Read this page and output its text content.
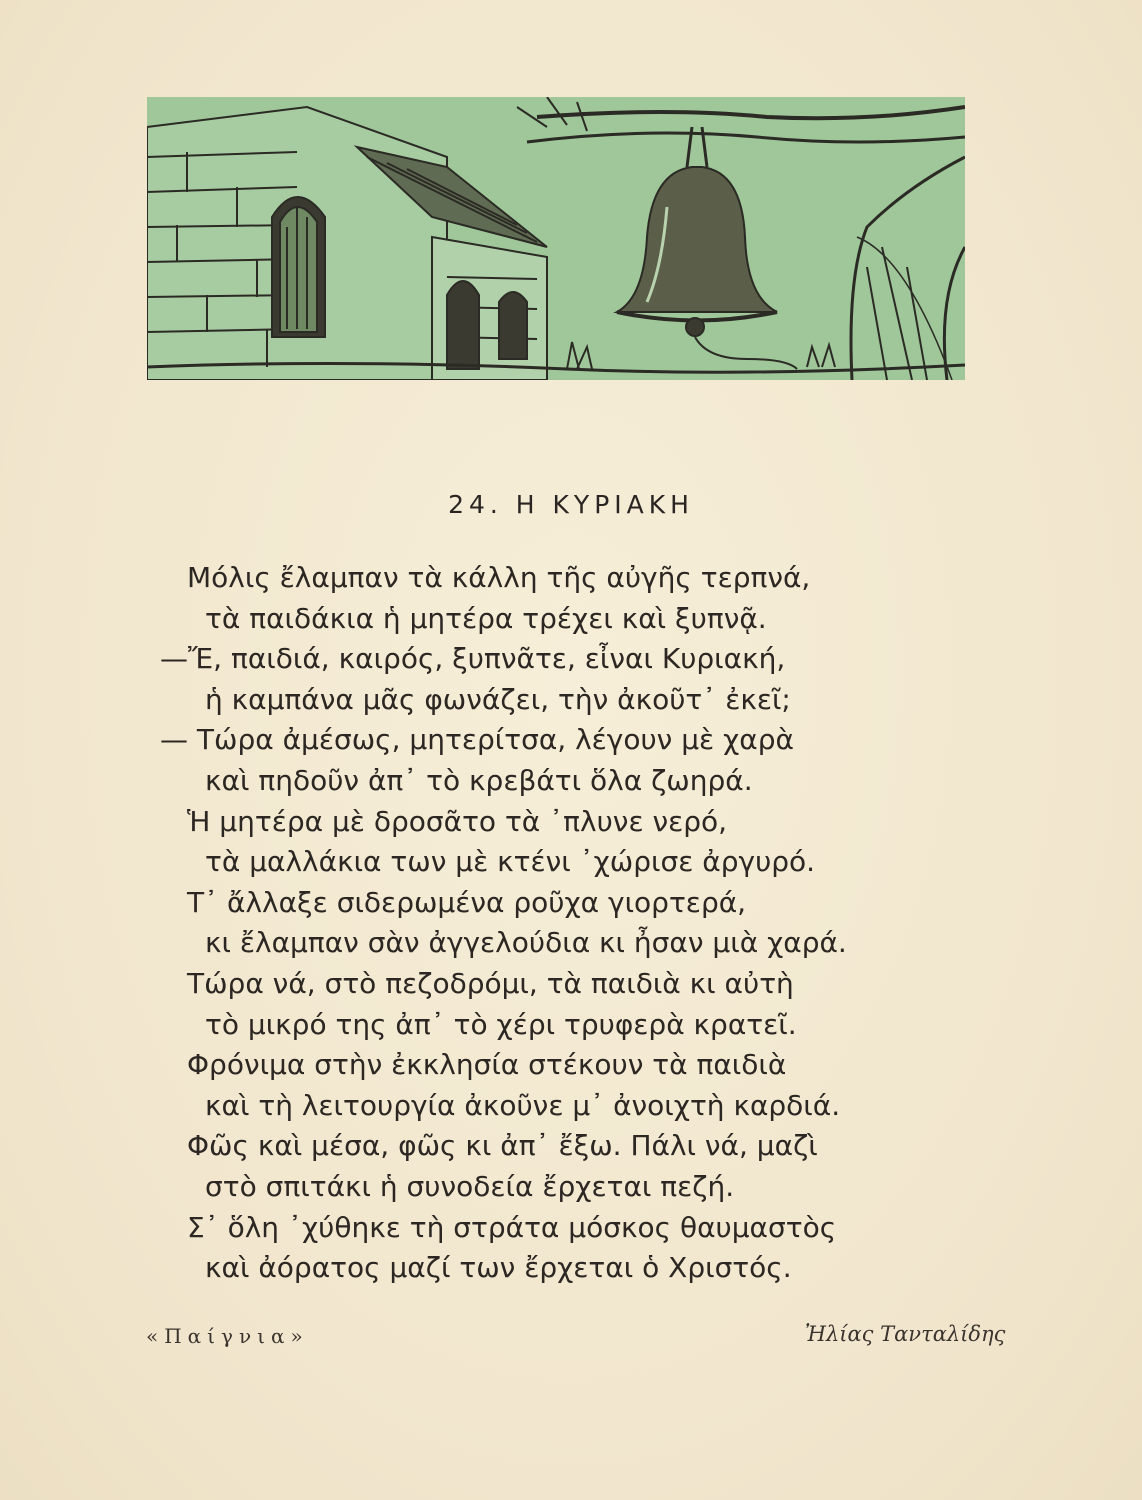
24. Η ΚΥΡΙΑΚΗ
Μόλις ἔλαμπαν τὰ κάλλη τῆς αὐγῆς τερπνά,
τὰ παιδάκια ἡ μητέρα τρέχει καὶ ξυπνᾷ.
—Ἔ, παιδιά, καιρός, ξυπνᾶτε, εἶναι Κυριακή,
ἡ καμπάνα μᾶς φωνάζει, τὴν ἀκοῦτ᾽ ἐκεῖ;
— Τώρα ἀμέσως, μητερίτσα, λέγουν μὲ χαρὰ
καὶ πηδοῦν ἀπ᾽ τὸ κρεβάτι ὅλα ζωηρά.
Ἡ μητέρα μὲ δροσᾶτο τὰ ᾽πλυνε νερό,
τὰ μαλλάκια των μὲ κτένι ᾽χώρισε ἀργυρό.
Τ᾽ ἄλλαξε σιδερωμένα ροῦχα γιορτερά,
κι ἔλαμπαν σὰν ἀγγελούδια κι ἦσαν μιὰ χαρά.
Τώρα νά, στὸ πεζοδρόμι, τὰ παιδιὰ κι αὐτὴ
τὸ μικρό της ἀπ᾽ τὸ χέρι τρυφερὰ κρατεῖ.
Φρόνιμα στὴν ἐκκλησία στέκουν τὰ παιδιὰ
καὶ τὴ λειτουργία ἀκοῦνε μ᾽ ἀνοιχτὴ καρδιά.
Φῶς καὶ μέσα, φῶς κι ἀπ᾽ ἔξω. Πάλι νά, μαζὶ
στὸ σπιτάκι ἡ συνοδεία ἔρχεται πεζή.
Σ᾽ ὅλη ᾽χύθηκε τὴ στράτα μόσκος θαυμαστὸς
καὶ ἀόρατος μαζί των ἔρχεται ὁ Χριστός.
«Παίγνια»	Ἠλίας Τανταλίδης
